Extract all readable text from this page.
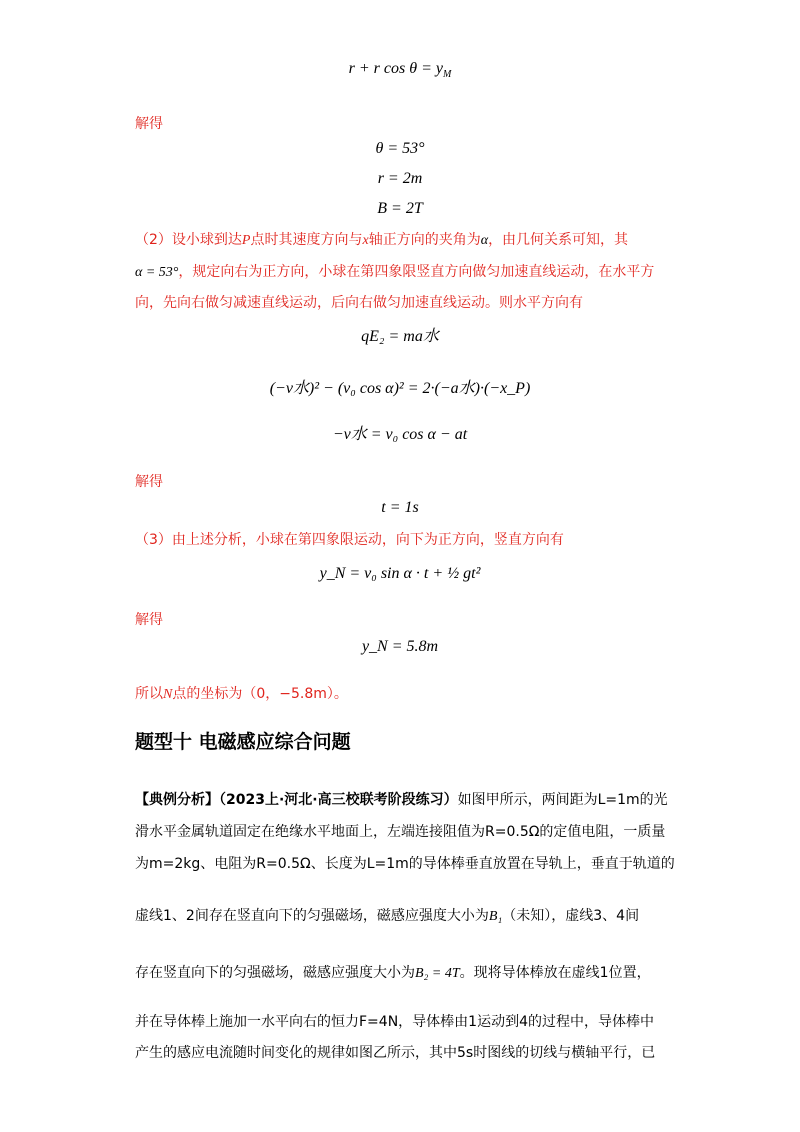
r + r $\cos \theta = y_M$
解得
θ = 53°
r = 2m
B = 2T
（2）设小球到达P点时其速度方向与x轴正方向的夹角为α，由几何关系可知，其
α = 53°，规定向右为正方向，小球在第四象限竖直方向做匀加速直线运动，在水平方
向，先向右做匀减速直线运动，后向右做匀加速直线运动。则水平方向有
qE₂ = ma水
(−v水)² − (v₀ cos α)² = 2·(−a水)·(−x_P)
−v水 = v₀ cos α − at
解得
t = 1s
（3）由上述分析，小球在第四象限运动，向下为正方向，竖直方向有
y_N = v₀ sin α · t + ½ gt²
解得
y_N = 5.8m
所以N点的坐标为（0，−5.8m）。
题型十 电磁感应综合问题
【典例分析】（2023上·河北·高三校联考阶段练习）如图甲所示，两间距为L=1m的光
滑水平金属轨道固定在绝缘水平地面上，左端连接阻值为R=0.5Ω的定值电阻，一质量
为m=2kg、电阻为R=0.5Ω、长度为L=1m的导体棒垂直放置在导轨上，垂直于轨道的
虚线1、2间存在竖直向下的匀强磁场，磁感应强度大小为B₁（未知），虚线3、4间
存在竖直向下的匀强磁场，磁感应强度大小为B₂ = 4T。现将导体棒放在虚线1位置，
并在导体棒上施加一水平向右的恒力F=4N，导体棒由1运动到4的过程中，导体棒中
产生的感应电流随时间变化的规律如图乙所示，其中5s时图线的切线与横轴平行，已
